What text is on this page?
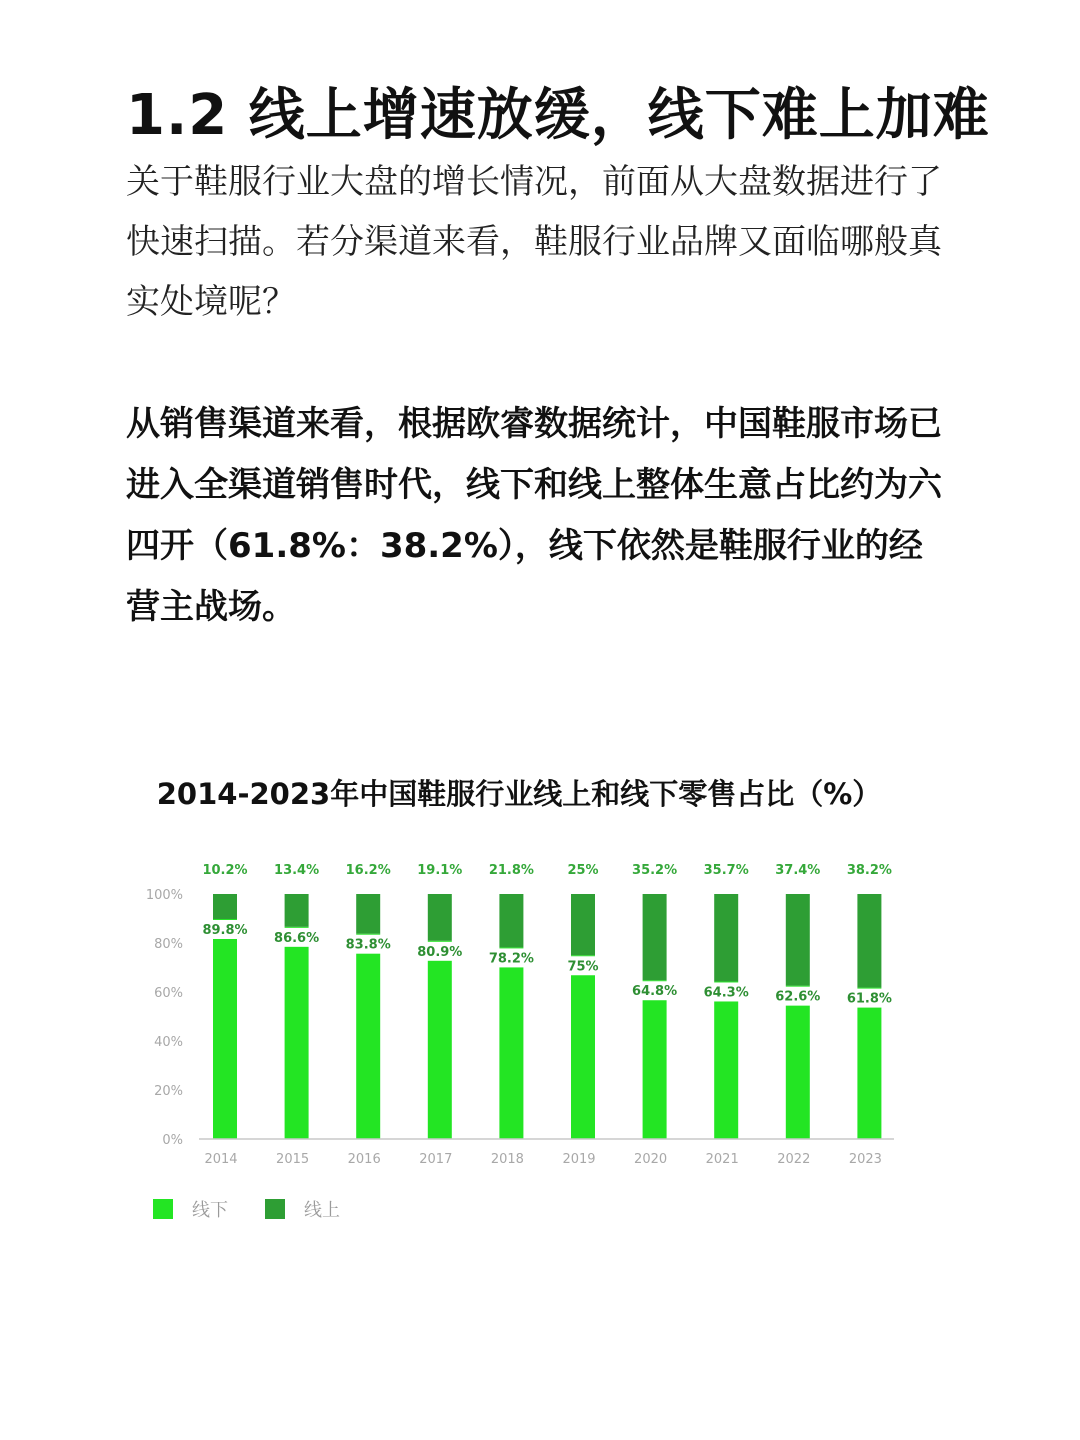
1.2 线上增速放缓，线下难上加难

关于鞋服行业大盘的增长情况，前面从大盘数据进行了快速扫描。若分渠道来看，鞋服行业品牌又面临哪般真实处境呢？

从销售渠道来看，根据欧睿数据统计，中国鞋服市场已进入全渠道销售时代，线下和线上整体生意占比约为六四开（61.8%：38.2%），线下依然是鞋服行业的经营主战场。

2014-2023年中国鞋服行业线上和线下零售占比（%）
10.2%
89.8%
13.4%
86.6%
16.2%
83.8%
19.1%
80.9%
21.8%
78.2%
25%
75%
35.2%
64.8%
35.7%
64.3%
37.4%
62.6%
38.2%
61.8%
0%
20%
40%
60%
80%
100%
2014	2015	2016	2017	2018	2019	2020	2021	2022	2023
线下	线上
